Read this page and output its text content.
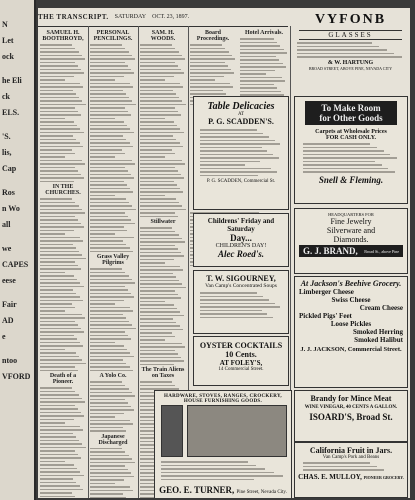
N
Let
ock
he Eli
ck
ELS.
'S.
lis,
Cap
Ros
n Wo
all
we
CAPES
eese
Fair
AD
e
ntoo
VFORD
THE TRANSCRIPT. SATURDAY OCT. 23, 1897.
SAMUEL H. BOOTHROYD,
IN THE CHURCHES.
Death of a Pioneer.
PERSONAL PENCILINGS.
Grass Valley Pilgrims
A Yolo Co.
Japanese Discharged
SAM. H. WOODS.
Stillwater
The Train Aliens on Taxes
Board Proceedings.
Hotel Arrivals.

Table Delicacies

AT

P. G. SCADDEN'S.

P. G. SCADDEN, Commercial St.

Childrens' Friday and Saturday

Day...

CHILDREN'S DAY!

Alec Roed's.

T. W. SIGOURNEY,

Van Camp's Concentrated Soups

OYSTER COCKTAILS

10 Cents.

AT FOLEY'S,

14 Commercial Street.

HARDWARE, STOVES, RANGES, CROCKERY, HOUSE FURNISHING GOODS.

GEO. E. TURNER, Pine Street, Nevada City.

VYFONB

GLASSES

& W. HARTUNG

BROAD STREET, ABOVE PINE, NEVADA CITY

To Make Room

for Other Goods

Carpets at Wholesale Prices

FOR CASH ONLY.

Snell & Fleming.

HEADQUARTERS FOR

Fine Jewelry

Silverware and

Diamonds.

G. J. BRAND, Broad St., above Pine

At Jackson's Beehive Grocery.

Limberger Cheese

Swiss Cheese

Cream Cheese

Pickled Pigs' Feet

Loose Pickles

Smoked Herring

Smoked Halibut

J. J. JACKSON, Commercial Street.

Brandy for Mince Meat

WINE VINEGAR, 40 CENTS A GALLON.

ISOARD'S, Broad St.

California Fruit in Jars.

Van Camp's Pork and Beans

CHAS. E. MULLOY, PIONEER GROCERY.
